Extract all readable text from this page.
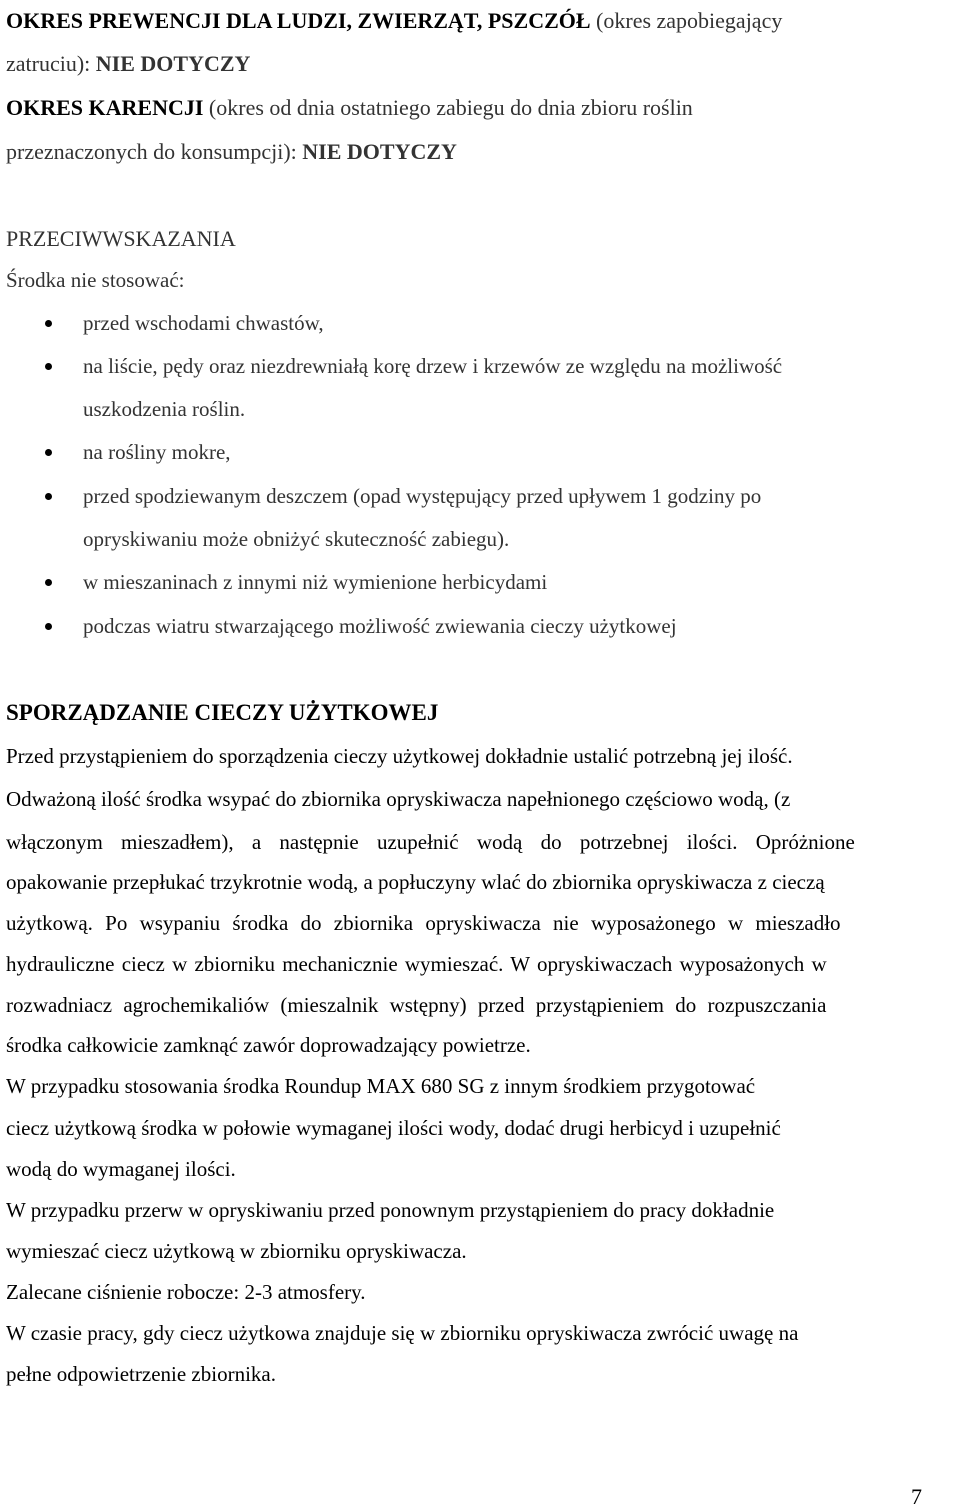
OKRES PREWENCJI DLA LUDZI, ZWIERZĄT, PSZCZÓŁ (okres zapobiegający
zatruciu): NIE DOTYCZY
OKRES KARENCJI (okres od dnia ostatniego zabiegu do dnia zbioru roślin
przeznaczonych do konsumpcji): NIE DOTYCZY
PRZECIWWSKAZANIA
Środka nie stosować:
przed wschodami chwastów,
na liście, pędy oraz niezdrewniałą korę drzew i krzewów ze względu na możliwość
uszkodzenia roślin.
na rośliny mokre,
przed spodziewanym deszczem (opad występujący przed upływem 1 godziny po
opryskiwaniu może obniżyć skuteczność zabiegu).
w mieszaninach z innymi niż wymienione herbicydami
podczas wiatru stwarzającego możliwość zwiewania cieczy użytkowej
SPORZĄDZANIE CIECZY UŻYTKOWEJ
Przed przystąpieniem do sporządzenia cieczy użytkowej dokładnie ustalić potrzebną jej ilość.
Odważoną ilość środka wsypać do zbiornika opryskiwacza napełnionego częściowo wodą, (z
włączonym mieszadłem), a następnie uzupełnić wodą do potrzebnej ilości. Opróżnione
opakowanie przepłukać trzykrotnie wodą, a popłuczyny wlać do zbiornika opryskiwacza z cieczą
użytkową. Po wsypaniu środka do zbiornika opryskiwacza nie wyposażonego w mieszadło
hydrauliczne ciecz w zbiorniku mechanicznie wymieszać. W opryskiwaczach wyposażonych w
rozwadniacz agrochemikaliów (mieszalnik wstępny) przed przystąpieniem do rozpuszczania
środka całkowicie zamknąć zawór doprowadzający powietrze.
W przypadku stosowania środka Roundup MAX 680 SG z innym środkiem przygotować
ciecz użytkową środka w połowie wymaganej ilości wody, dodać drugi herbicyd i uzupełnić
wodą do wymaganej ilości.
W przypadku przerw w opryskiwaniu przed ponownym przystąpieniem do pracy dokładnie
wymieszać ciecz użytkową w zbiorniku opryskiwacza.
Zalecane ciśnienie robocze: 2-3 atmosfery.
W czasie pracy, gdy ciecz użytkowa znajduje się w zbiorniku opryskiwacza zwrócić uwagę na
pełne odpowietrzenie zbiornika.
7
